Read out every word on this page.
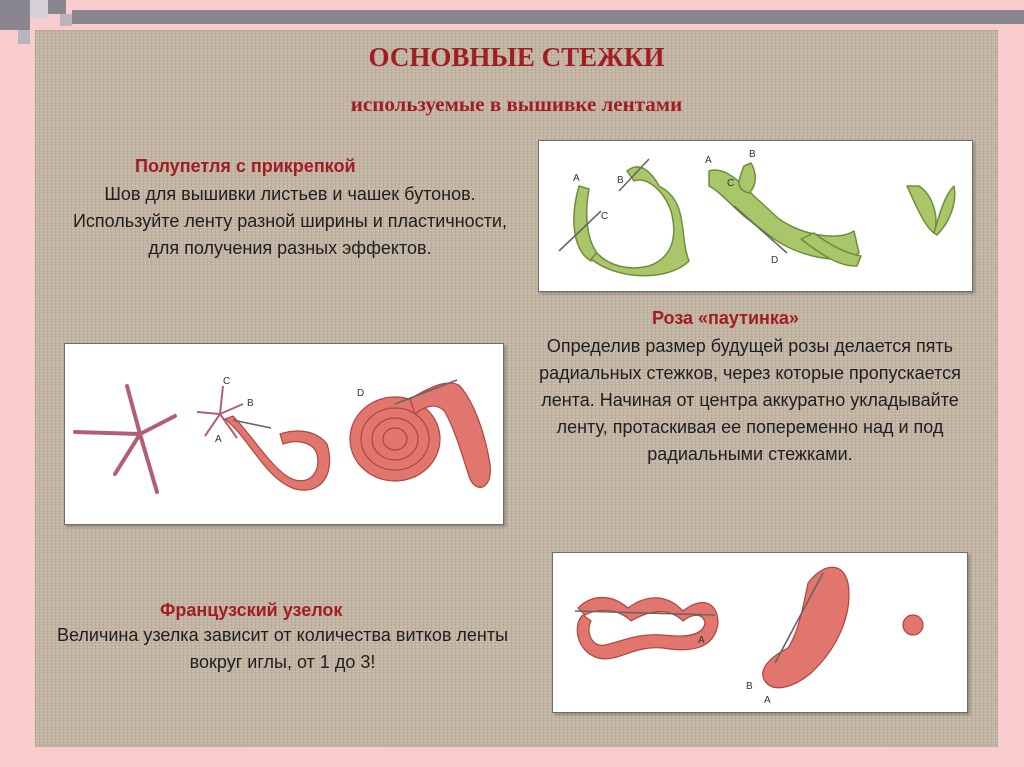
ОСНОВНЫЕ СТЕЖКИ
используемые в вышивке лентами
Полупетля с прикрепкой

Шов для вышивки листьев и чашек бутонов. Используйте ленту разной ширины и пластичности, для получения разных эффектов.

A	B
C
A
B
C
D
C
B
A
D
Роза «паутинка»

Определив размер будущей розы делается пять радиальных стежков, через которые пропускается лента. Начиная от центра аккуратно укладывайте ленту, протаскивая ее попеременно над и под радиальными стежками.

Французский узелок

Величина узелка зависит от количества витков ленты вокруг иглы, от 1 до 3!

A
B
A
